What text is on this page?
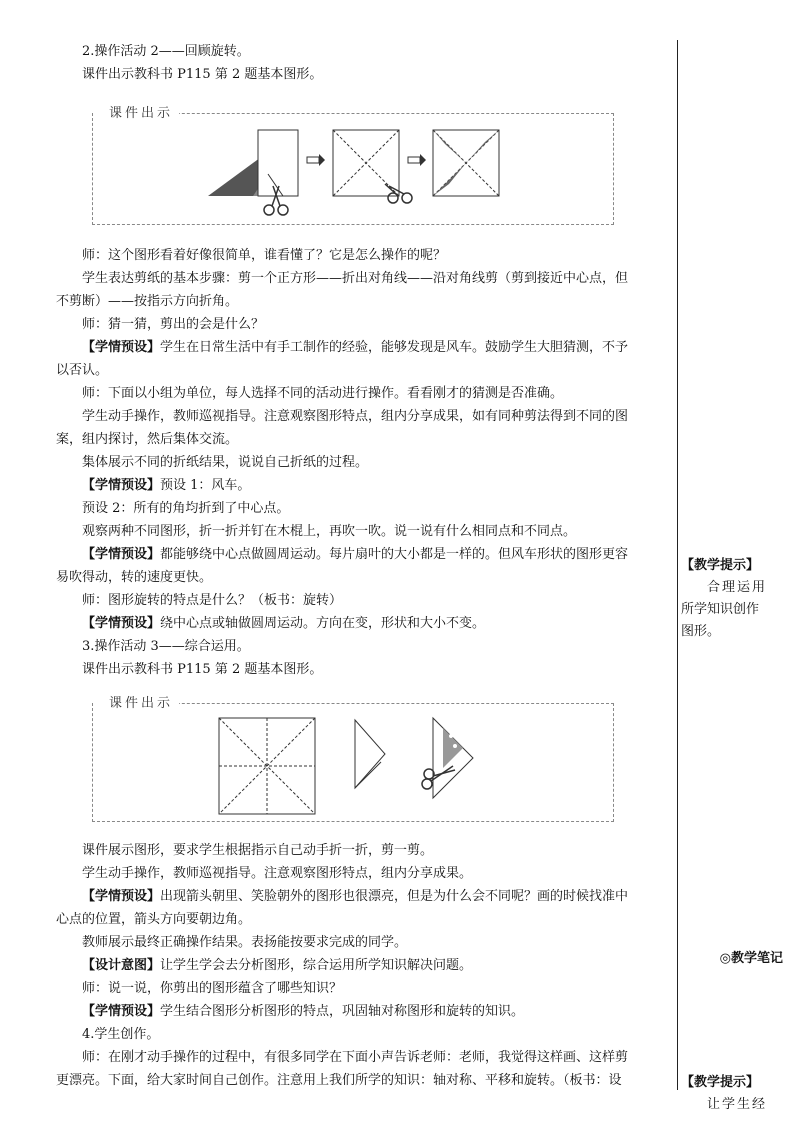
2.操作活动 2——回顾旋转。

课件出示教科书 P115 第 2 题基本图形。

师：这个图形看着好像很简单，谁看懂了？它是怎么操作的呢？

学生表达剪纸的基本步骤：剪一个正方形——折出对角线——沿对角线剪（剪到接近中心点，但

不剪断）——按指示方向折角。

师：猜一猜，剪出的会是什么？

【学情预设】学生在日常生活中有手工制作的经验，能够发现是风车。鼓励学生大胆猜测，不予

以否认。

师：下面以小组为单位，每人选择不同的活动进行操作。看看刚才的猜测是否准确。

学生动手操作，教师巡视指导。注意观察图形特点，组内分享成果，如有同种剪法得到不同的图

案，组内探讨，然后集体交流。

集体展示不同的折纸结果，说说自己折纸的过程。

【学情预设】预设 1：风车。

预设 2：所有的角均折到了中心点。

观察两种不同图形，折一折并钉在木棍上，再吹一吹。说一说有什么相同点和不同点。

【学情预设】都能够绕中心点做圆周运动。每片扇叶的大小都是一样的。但风车形状的图形更容

易吹得动，转的速度更快。

师：图形旋转的特点是什么？（板书：旋转）

【学情预设】绕中心点或轴做圆周运动。方向在变，形状和大小不变。

3.操作活动 3——综合运用。

课件出示教科书 P115 第 2 题基本图形。

课件展示图形，要求学生根据指示自己动手折一折，剪一剪。

学生动手操作，教师巡视指导。注意观察图形特点，组内分享成果。

【学情预设】出现箭头朝里、笑脸朝外的图形也很漂亮，但是为什么会不同呢？画的时候找准中

心点的位置，箭头方向要朝边角。

教师展示最终正确操作结果。表扬能按要求完成的同学。

【设计意图】让学生学会去分析图形，综合运用所学知识解决问题。

师：说一说，你剪出的图形蕴含了哪些知识？

【学情预设】学生结合图形分析图形的特点，巩固轴对称图形和旋转的知识。

4.学生创作。

师：在刚才动手操作的过程中，有很多同学在下面小声告诉老师：老师，我觉得这样画、这样剪

更漂亮。下面，给大家时间自己创作。注意用上我们所学的知识：轴对称、平移和旋转。（板书：设

课件出示
课件出示
【教学提示】
合理运用
所学知识创作
图形。
◎教学笔记
【教学提示】
让学生经
